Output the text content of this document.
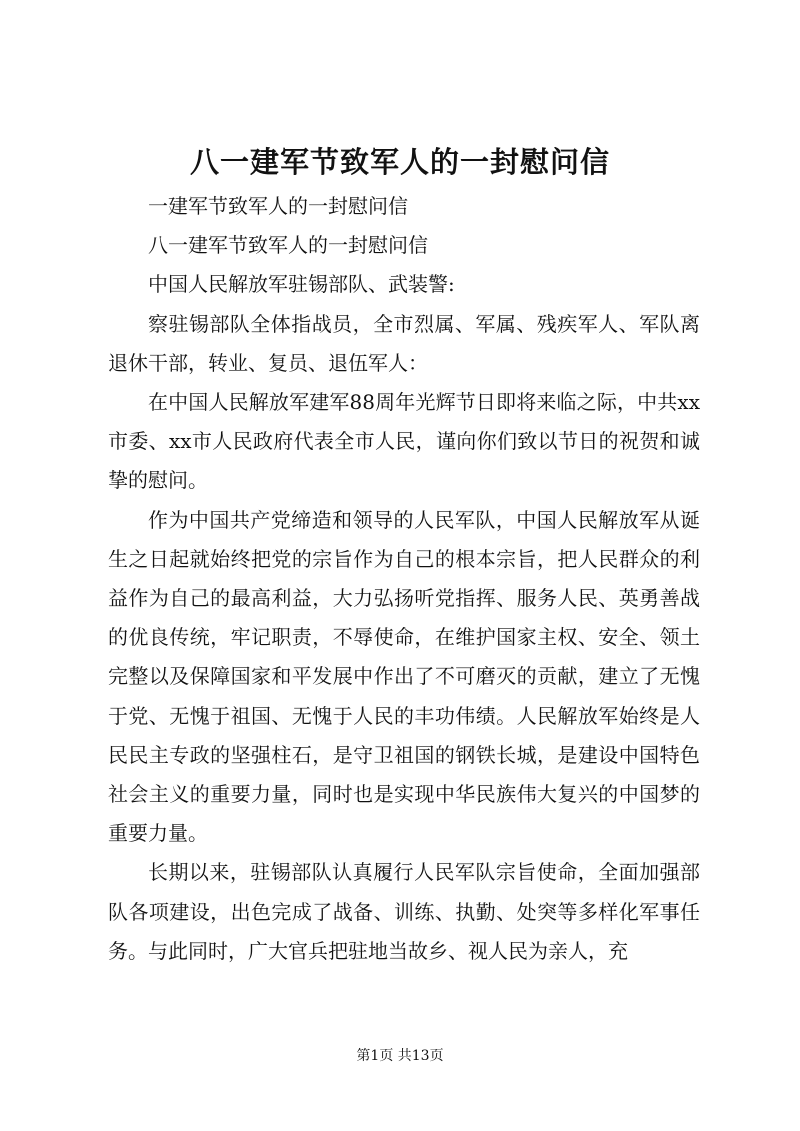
八一建军节致军人的一封慰问信

一建军节致军人的一封慰问信

八一建军节致军人的一封慰问信

中国人民解放军驻锡部队、武装警:

察驻锡部队全体指战员，全市烈属、军属、残疾军人、军队离退休干部，转业、复员、退伍军人：

在中国人民解放军建军88周年光辉节日即将来临之际，中共xx市委、xx市人民政府代表全市人民，谨向你们致以节日的祝贺和诚挚的慰问。

作为中国共产党缔造和领导的人民军队，中国人民解放军从诞生之日起就始终把党的宗旨作为自己的根本宗旨，把人民群众的利益作为自己的最高利益，大力弘扬听党指挥、服务人民、英勇善战的优良传统，牢记职责，不辱使命，在维护国家主权、安全、领土完整以及保障国家和平发展中作出了不可磨灭的贡献，建立了无愧于党、无愧于祖国、无愧于人民的丰功伟绩。人民解放军始终是人民民主专政的坚强柱石，是守卫祖国的钢铁长城，是建设中国特色社会主义的重要力量，同时也是实现中华民族伟大复兴的中国梦的重要力量。

长期以来，驻锡部队认真履行人民军队宗旨使命，全面加强部队各项建设，出色完成了战备、训练、执勤、处突等多样化军事任务。与此同时，广大官兵把驻地当故乡、视人民为亲人，充

第1页 共13页
